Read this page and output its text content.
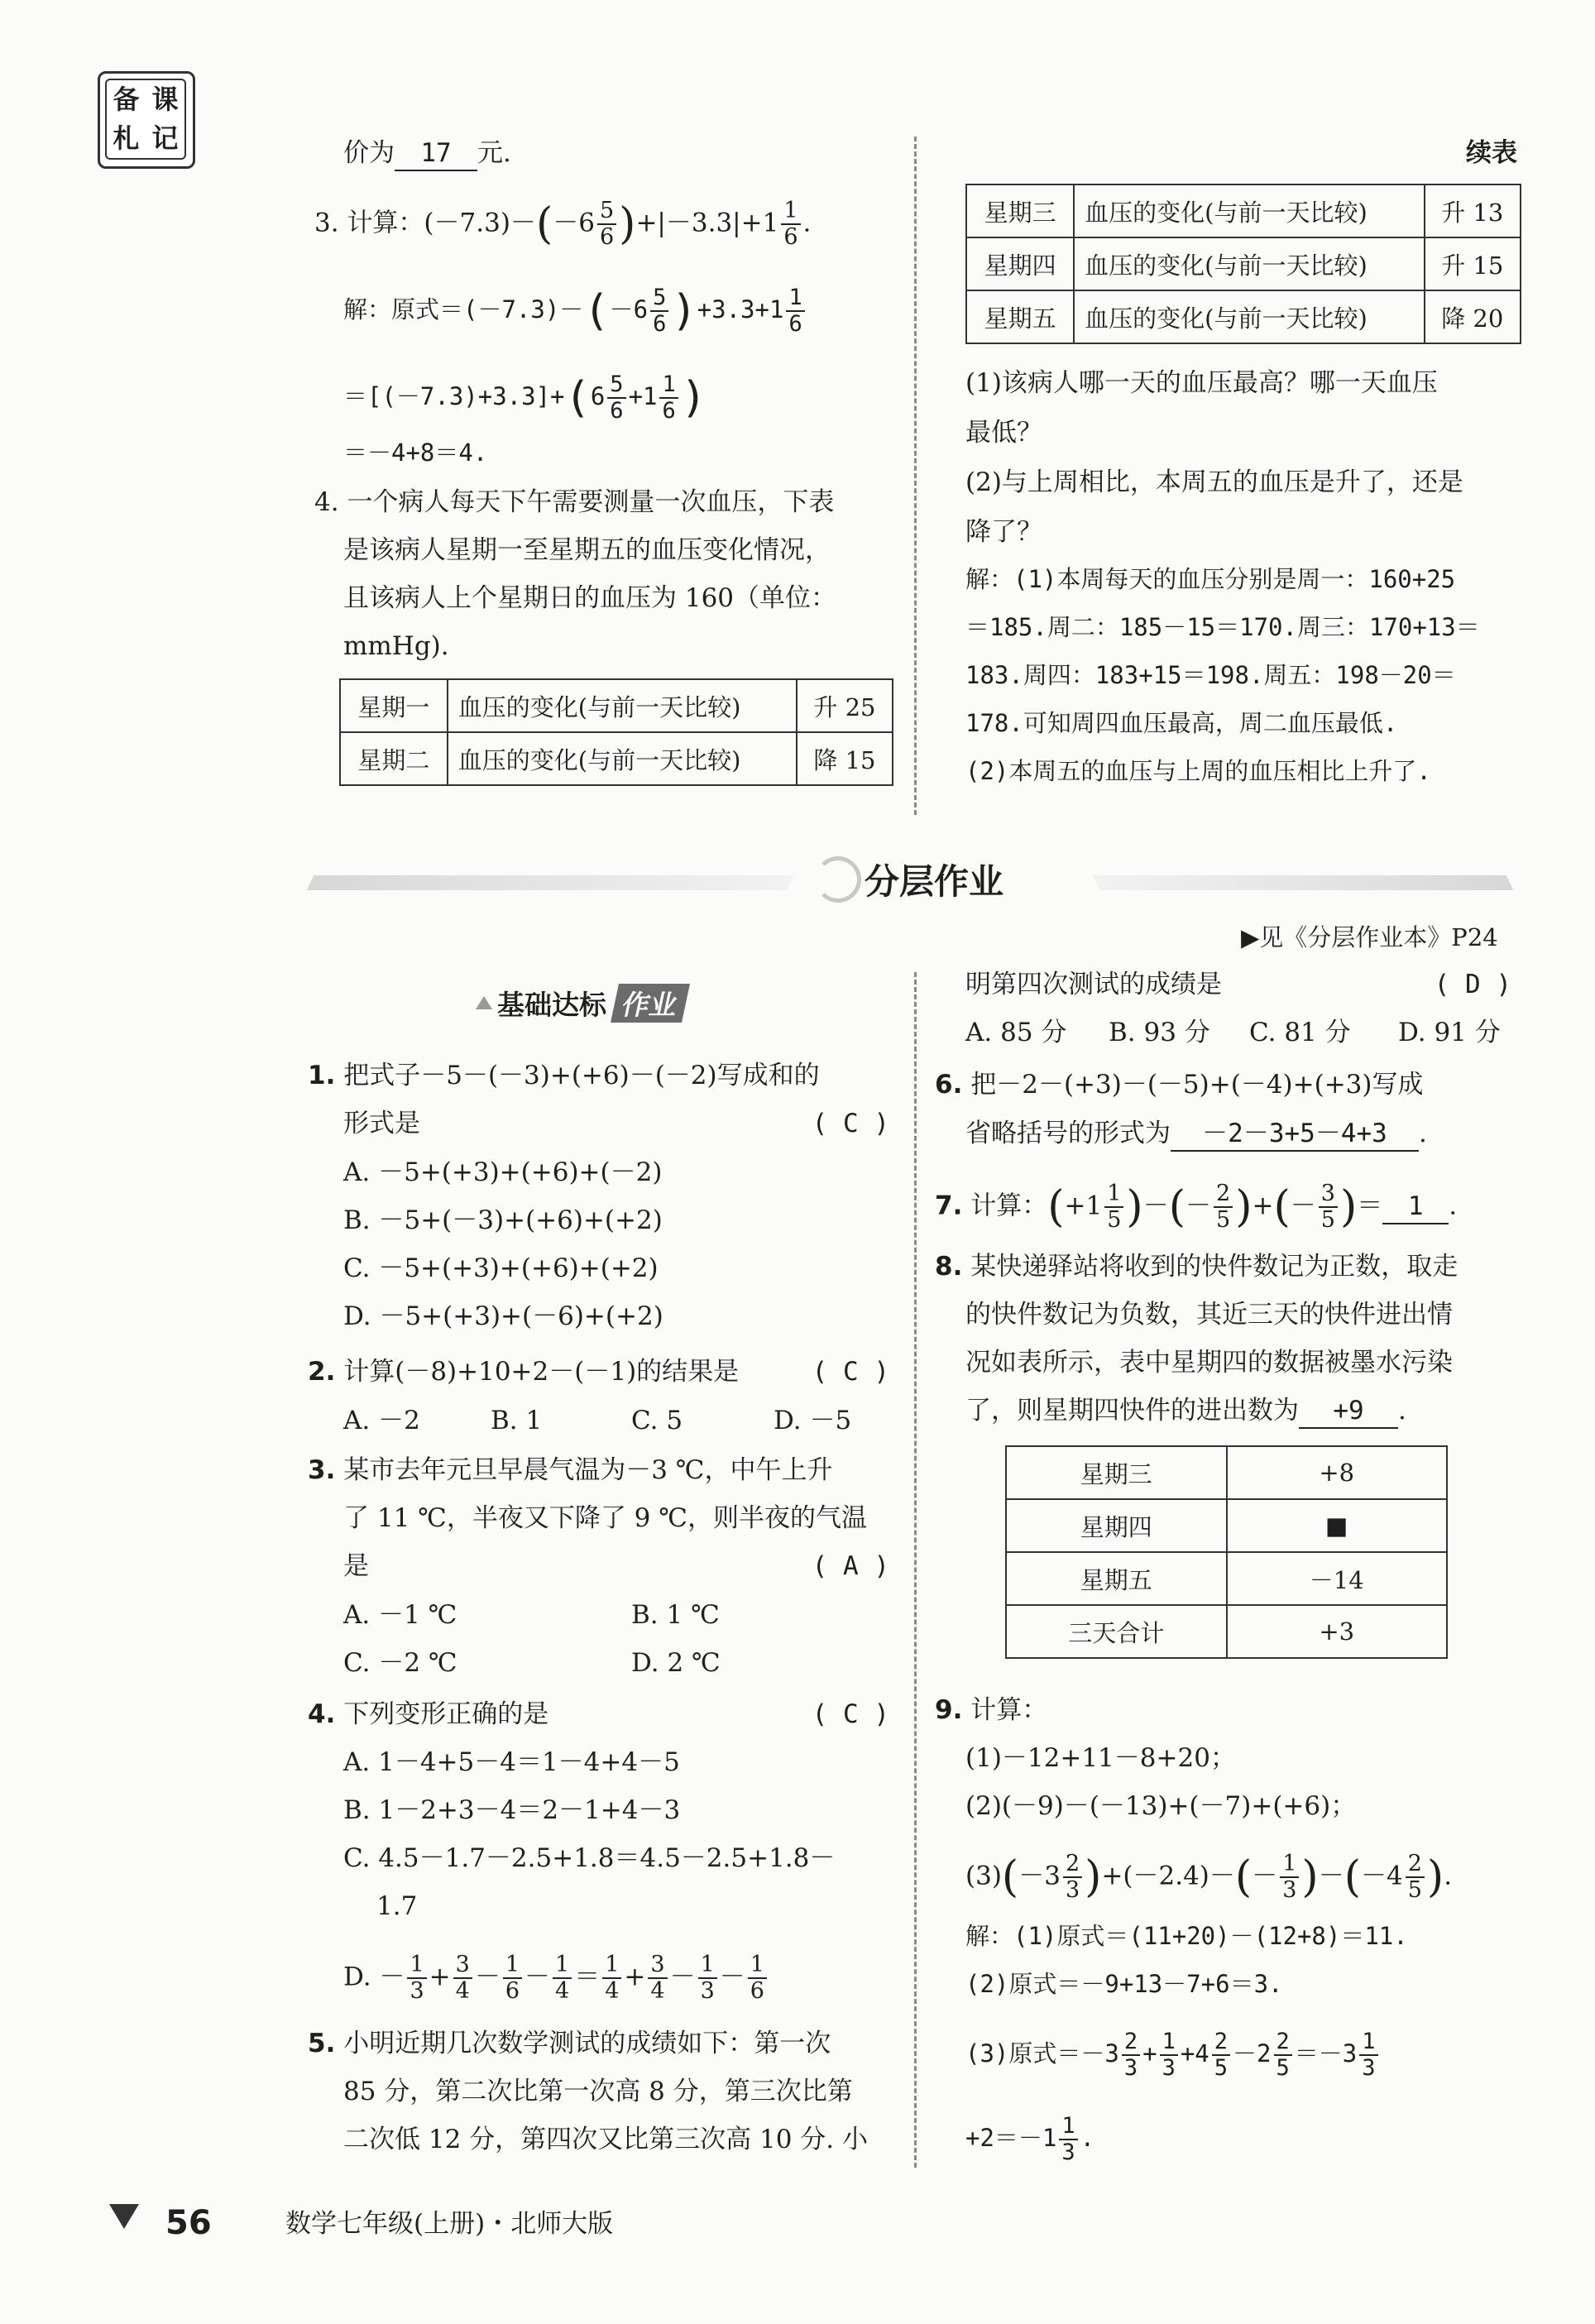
备 课
札 记	价为 17 元.
3. 计算：$(-7.3)-(-6 \frac{5}{6} )+|-3.3|+1 \frac{1}{6}$ .
解：原式$=(-7.3)-(-6 \frac{5}{6} )+3.3+1 \frac{1}{6}$
$=[(-7.3)+3.3]+(6 \frac{5}{6} +1 \frac{1}{6}$ )
＝－4+8＝4.
4. 一个病人每天下午需要测量一次血压，下表
是该病人星期一至星期五的血压变化情况，
且该病人上个星期日的血压为 160（单位：
mmHg).
星期一	血压的变化(与前一天比较)	升 25
星期二	血压的变化(与前一天比较)	降 15
续表
星期三	血压的变化(与前一天比较)	升 13
星期四	血压的变化(与前一天比较)	升 15
星期五	血压的变化(与前一天比较)	降 20
(1)该病人哪一天的血压最高？哪一天血压
最低？
(2)与上周相比，本周五的血压是升了，还是
降了？
解：(1)本周每天的血压分别是周一：160+25
＝185.周二：185－15＝170.周三：170+13＝
183.周四：183+15＝198.周五：198－20＝
178.可知周四血压最高，周二血压最低.
(2)本周五的血压与上周的血压相比上升了.
分层作业
▶见《分层作业本》P24
基础达标 作业
1. 把式子－5－(－3)+(+6)－(－2)写成和的
形式是	( C )
A. －5+(+3)+(+6)+(－2)
B. －5+(－3)+(+6)+(+2)
C. －5+(+3)+(+6)+(+2)
D. －5+(+3)+(－6)+(+2)
2. 计算(－8)+10+2－(－1)的结果是	( C )
A. －2	B. 1	C. 5	D. －5
3. 某市去年元旦早晨气温为－3 ℃，中午上升
了 11 ℃，半夜又下降了 9 ℃，则半夜的气温
是	( A )
A. －1 ℃	B. 1 ℃
C. －2 ℃	D. 2 ℃
4. 下列变形正确的是	( C )
A. 1－4+5－4＝1－4+4－5
B. 1－2+3－4＝2－1+4－3
C. 4.5－1.7－2.5+1.8＝4.5－2.5+1.8－
1.7
D. － $\frac{1}{3} + \frac{3}{4} - \frac{1}{6} - \frac{1}{4} = \frac{1}{4} + \frac{3}{4} - \frac{1}{3} - \frac{1}{6}$
5. 小明近期几次数学测试的成绩如下：第一次
85 分，第二次比第一次高 8 分，第三次比第
二次低 12 分，第四次又比第三次高 10 分. 小
明第四次测试的成绩是	( D )
A. 85 分 B. 93 分 C. 81 分 D. 91 分
6. 把－2－(+3)－(－5)+(－4)+(+3)写成
省略括号的形式为 －2－3+5－4+3 .
7. 计算：($+1 \frac{1}{5}$ )－(－ $\frac{2}{5}$ )+(－ $\frac{3}{5}$ )＝ 1 .
8. 某快递驿站将收到的快件数记为正数，取走
的快件数记为负数，其近三天的快件进出情
况如表所示，表中星期四的数据被墨水污染
了，则星期四快件的进出数为 +9 .
星期三	+8
星期四	■
星期五	－14
三天合计	+3
9. 计算：
(1)－12+11－8+20；
(2)(－9)－(－13)+(－7)+(+6)；
$(3)(-3 \frac{2}{3} )+(-2.4)-(- \frac{1}{3} )-(-4 \frac{2}{5}$ ).
解：(1)原式＝(11+20)－(12+8)＝11.
(2)原式＝－9+13－7+6＝3.
(3)原式$=-3 \frac{2}{3} + \frac{1}{3} +4 \frac{2}{5} -2 \frac{2}{5} =-3 \frac{1}{3}$
$+2=-1 \frac{1}{3}$ .
56	数学七年级(上册)・北师大版
